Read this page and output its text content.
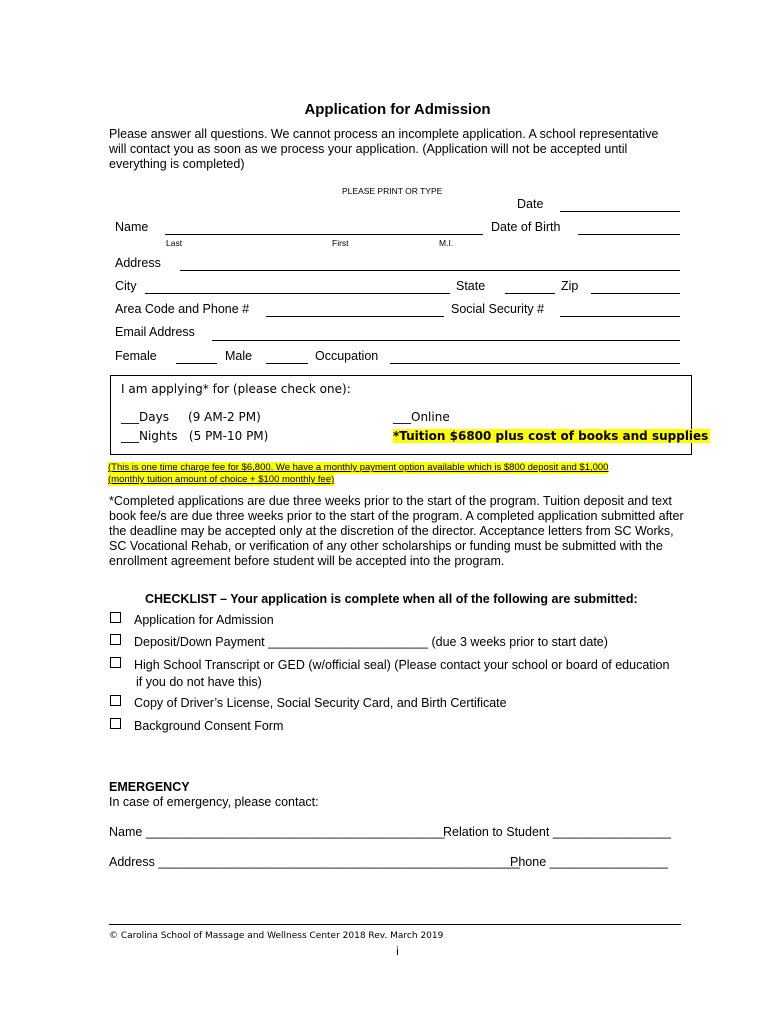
Application for Admission
Please answer all questions. We cannot process an incomplete application. A school representative will contact you as soon as we process your application. (Application will not be accepted until everything is completed)
PLEASE PRINT OR TYPE
Date
Name	Date of Birth
Last	First	M.I.
Address
City	State	Zip
Area Code and Phone #	Social Security #
Email Address
Female	Male	Occupation
I am applying* for (please check one):
___Days     (9 AM-2 PM)
___Nights   (5 PM-10 PM)
___Online
*Tuition $6800 plus cost of books and supplies
(This is one time charge fee for $6,800. We have a monthly payment option available which is $800 deposit and $1,000
(monthly tuition amount of choice + $100 monthly fee)
*Completed applications are due three weeks prior to the start of the program. Tuition deposit and text book fee/s are due three weeks prior to the start of the program. A completed application submitted after the deadline may be accepted only at the discretion of the director. Acceptance letters from SC Works, SC Vocational Rehab, or verification of any other scholarships or funding must be submitted with the enrollment agreement before student will be accepted into the program.
CHECKLIST – Your application is complete when all of the following are submitted:
Application for Admission
Deposit/Down Payment _______________________ (due 3 weeks prior to start date)
High School Transcript or GED (w/official seal) (Please contact your school or board of education
if you do not have this)
Copy of Driver’s License, Social Security Card, and Birth Certificate
Background Consent Form
EMERGENCY
In case of emergency, please contact:
Name ___________________________________________
Relation to Student _________________
Address ____________________________________________________
Phone _________________
© Carolina School of Massage and Wellness Center 2018 Rev. March 2019
i
